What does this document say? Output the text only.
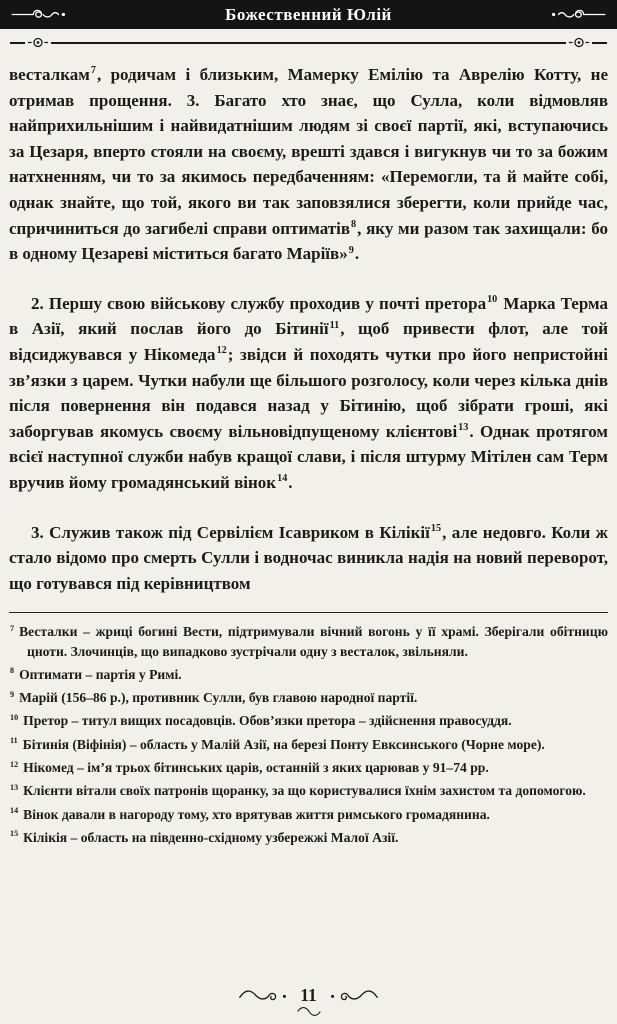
Божественний Юлій

весталкам$^7$, родичам і близьким, Мамерку Емілію та Аврелію Котту, не отримав прощення. 3. Багато хто знає, що Сулла, коли відмовляв найприхильнішим і найвидатнішим людям зі своєї партії, які, вступаючись за Цезаря, вперто стояли на своєму, врешті здався і вигукнув чи то за божим натхненням, чи то за якимось передбаченням: «Перемогли, та й майте собі, однак знайте, що той, якого ви так заповзялися зберегти, коли прийде час, спричиниться до загибелі справи оптиматів$^8$, яку ми разом так захищали: бо в одному Цезареві міститься багато Маріїв»$^9$.

2. Першу свою військову службу проходив у почті претора$^{10}$ Марка Терма в Азії, який послав його до Бітинії$^{11}$, щоб привести флот, але той відсиджувався у Нікомеда$^{12}$; звідси й походять чутки про його непристойні зв’язки з царем. Чутки набули ще більшого розголосу, коли через кілька днів після повернення він подався назад у Бітинію, щоб зібрати гроші, які заборгував якомусь своєму вільновідпущеному клієнтові$^{13}$. Однак протягом всієї наступної служби набув кращої слави, і після штурму Мітілен сам Терм вручив йому громадянський вінок$^{14}$.

3. Служив також під Сервілієм Ісавриком в Кілікії$^{15}$, але недовго. Коли ж стало відомо про смерть Сулли і водночас виникла надія на новий переворот, що готувався під керівництвом

$^7$ Весталки – жриці богині Вести, підтримували вічний вогонь у її храмі. Зберігали обітницю цноти. Злочинців, що випадково зустрічали одну з весталок, звільняли.
$^8$ Оптимати – партія у Римі.
$^9$ Марій (156–86 р.), противник Сулли, був главою народної партії.
$^{10}$ Претор – титул вищих посадовців. Обов’язки претора – здійснення правосуддя.
$^{11}$ Бітинія (Віфінія) – область у Малій Азії, на березі Понту Евксинського (Чорне море).
$^{12}$ Нікомед – ім’я трьох бітинських царів, останній з яких царював у 91–74 рр.
$^{13}$ Клієнти вітали своїх патронів щоранку, за що користувалися їхнім захистом та допомогою.
$^{14}$ Вінок давали в нагороду тому, хто врятував життя римського громадянина.
$^{15}$ Кілікія – область на південно-східному узбережжі Малої Азії.
11
